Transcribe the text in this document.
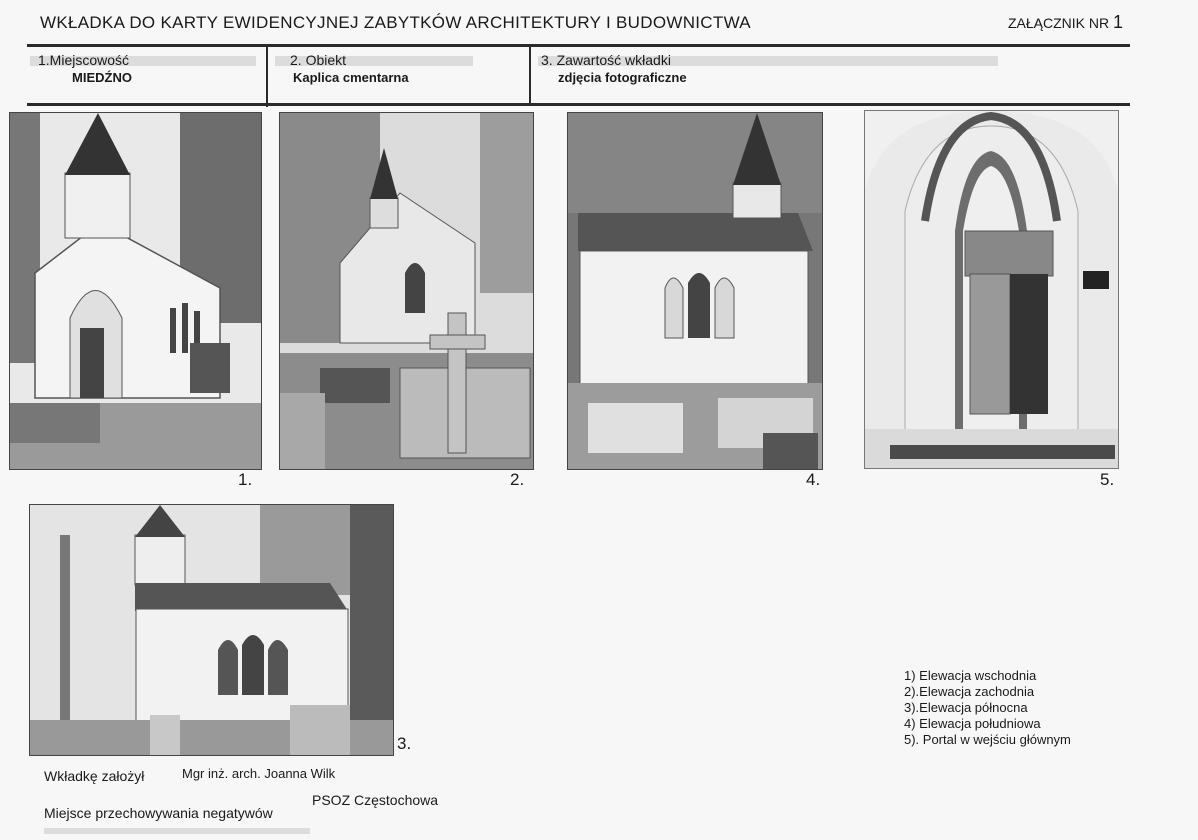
WKŁADKA DO KARTY EWIDENCYJNEJ ZABYTKÓW ARCHITEKTURY I BUDOWNICTWA	ZAŁĄCZNIK NR 1
1.Miejscowość
MIEDŹNO
2. Obiekt
Kaplica cmentarna
3. Zawartość wkładki
zdjęcia fotograficzne
1.	2.	4.	5.
3.
1) Elewacja wschodnia
2).Elewacja zachodnia
3).Elewacja północna
4) Elewacja południowa
5). Portal w wejściu głównym
Wkładkę założył	Mgr inż. arch. Joanna Wilk
Miejsce przechowywania negatywów
PSOZ Częstochowa
